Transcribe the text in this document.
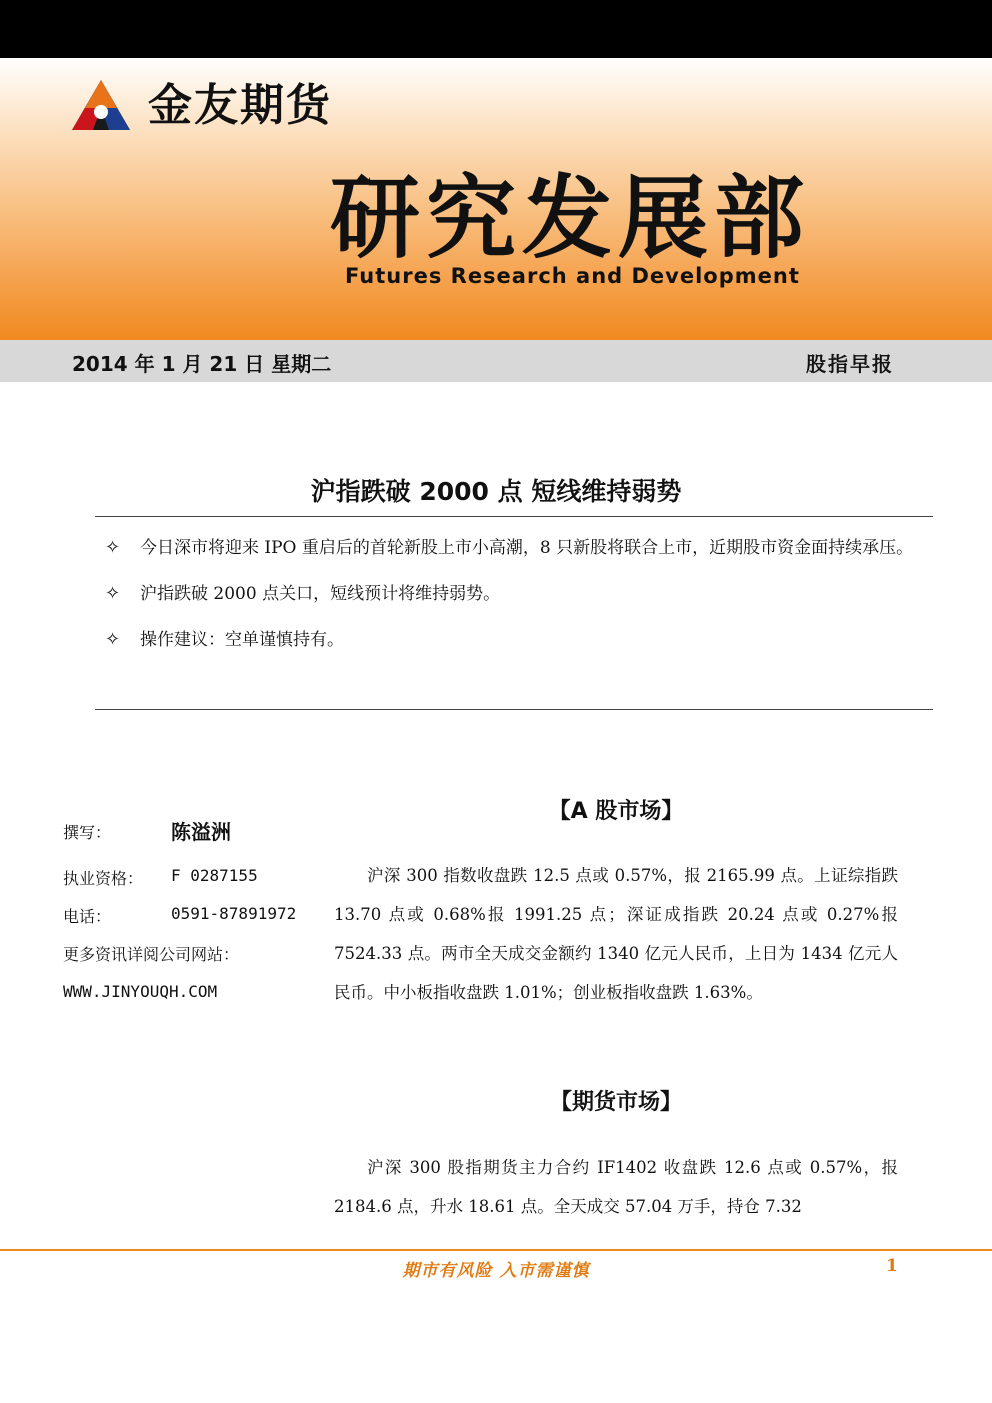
金友期货
研究发展部
Futures Research and Development
2014 年 1 月 21 日 星期二	股指早报
沪指跌破 2000 点 短线维持弱势
✧ 今日深市将迎来 IPO 重启后的首轮新股上市小高潮，8 只新股将联合上市，近期股市资金面持续承压。
✧ 沪指跌破 2000 点关口，短线预计将维持弱势。
✧ 操作建议：空单谨慎持有。
【A 股市场】
撰写：	陈溢洲
执业资格： F 0287155
电话：	0591-87891972
更多资讯详阅公司网站：
WWW.JINYOUQH.COM
沪深 300 指数收盘跌 12.5 点或 0.57%，报 2165.99 点。上证综指跌 13.70 点或 0.68%报 1991.25 点；深证成指跌 20.24 点或 0.27%报 7524.33 点。两市全天成交金额约 1340 亿元人民币，上日为 1434 亿元人民币。中小板指收盘跌 1.01%；创业板指收盘跌 1.63%。
【期货市场】
沪深 300 股指期货主力合约 IF1402 收盘跌 12.6 点或 0.57%，报 2184.6 点，升水 18.61 点。全天成交 57.04 万手，持仓 7.32
期市有风险 入市需谨慎	1
